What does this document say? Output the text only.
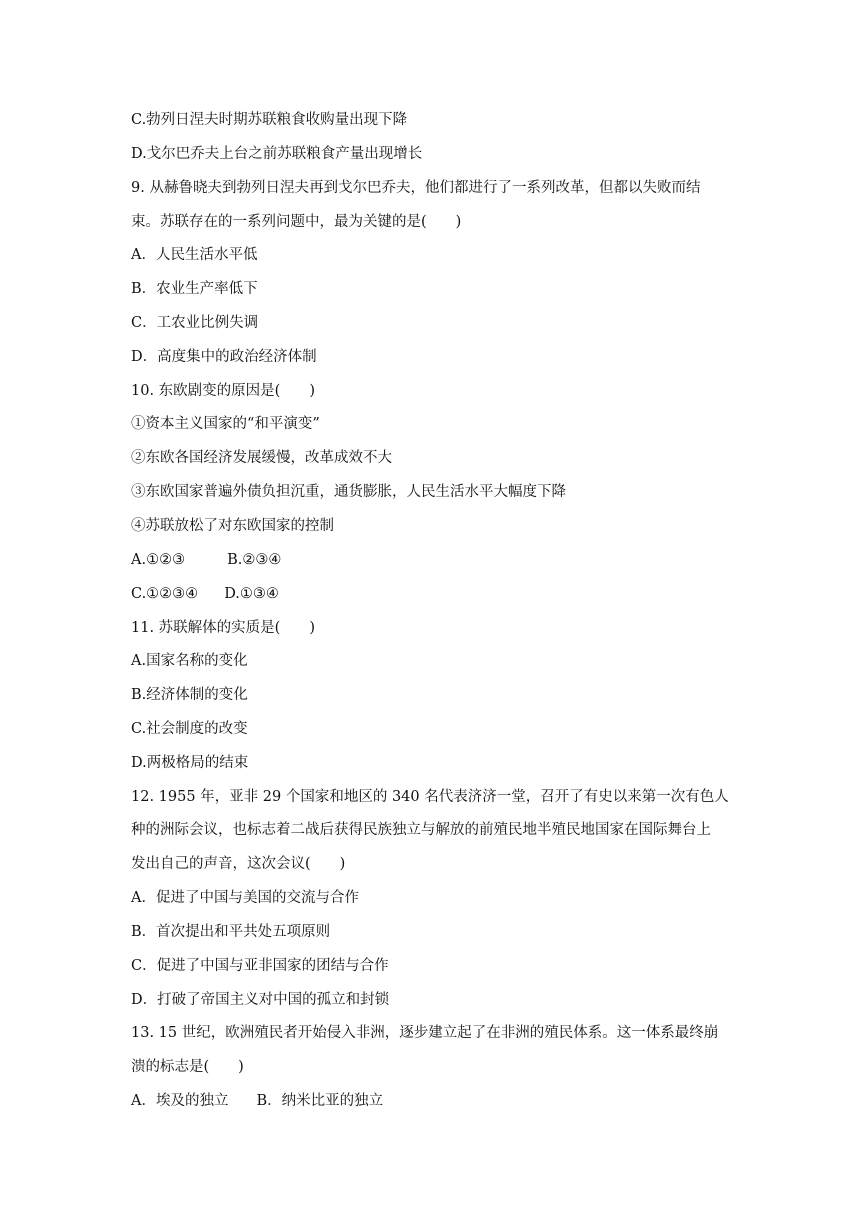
C.勃列日涅夫时期苏联粮食收购量出现下降
D.戈尔巴乔夫上台之前苏联粮食产量出现增长
9. 从赫鲁晓夫到勃列日涅夫再到戈尔巴乔夫，他们都进行了一系列改革，但都以失败而结
束。苏联存在的一系列问题中，最为关键的是(　　)
A．人民生活水平低
B．农业生产率低下
C．工农业比例失调
D．高度集中的政治经济体制
10. 东欧剧变的原因是(　　)
①资本主义国家的“和平演变”
②东欧各国经济发展缓慢，改革成效不大
③东欧国家普遍外债负担沉重，通货膨胀，人民生活水平大幅度下降
④苏联放松了对东欧国家的控制
A.①②③	B.②③④
C.①②③④ D.①③④
11. 苏联解体的实质是(　　)
A.国家名称的变化
B.经济体制的变化
C.社会制度的改变
D.两极格局的结束
12. 1955 年，亚非 29 个国家和地区的 340 名代表济济一堂，召开了有史以来第一次有色人
种的洲际会议，也标志着二战后获得民族独立与解放的前殖民地半殖民地国家在国际舞台上
发出自己的声音，这次会议(　　)
A．促进了中国与美国的交流与合作
B．首次提出和平共处五项原则
C．促进了中国与亚非国家的团结与合作
D．打破了帝国主义对中国的孤立和封锁
13. 15 世纪，欧洲殖民者开始侵入非洲，逐步建立起了在非洲的殖民体系。这一体系最终崩
溃的标志是(　　)
A．埃及的独立 B．纳米比亚的独立
